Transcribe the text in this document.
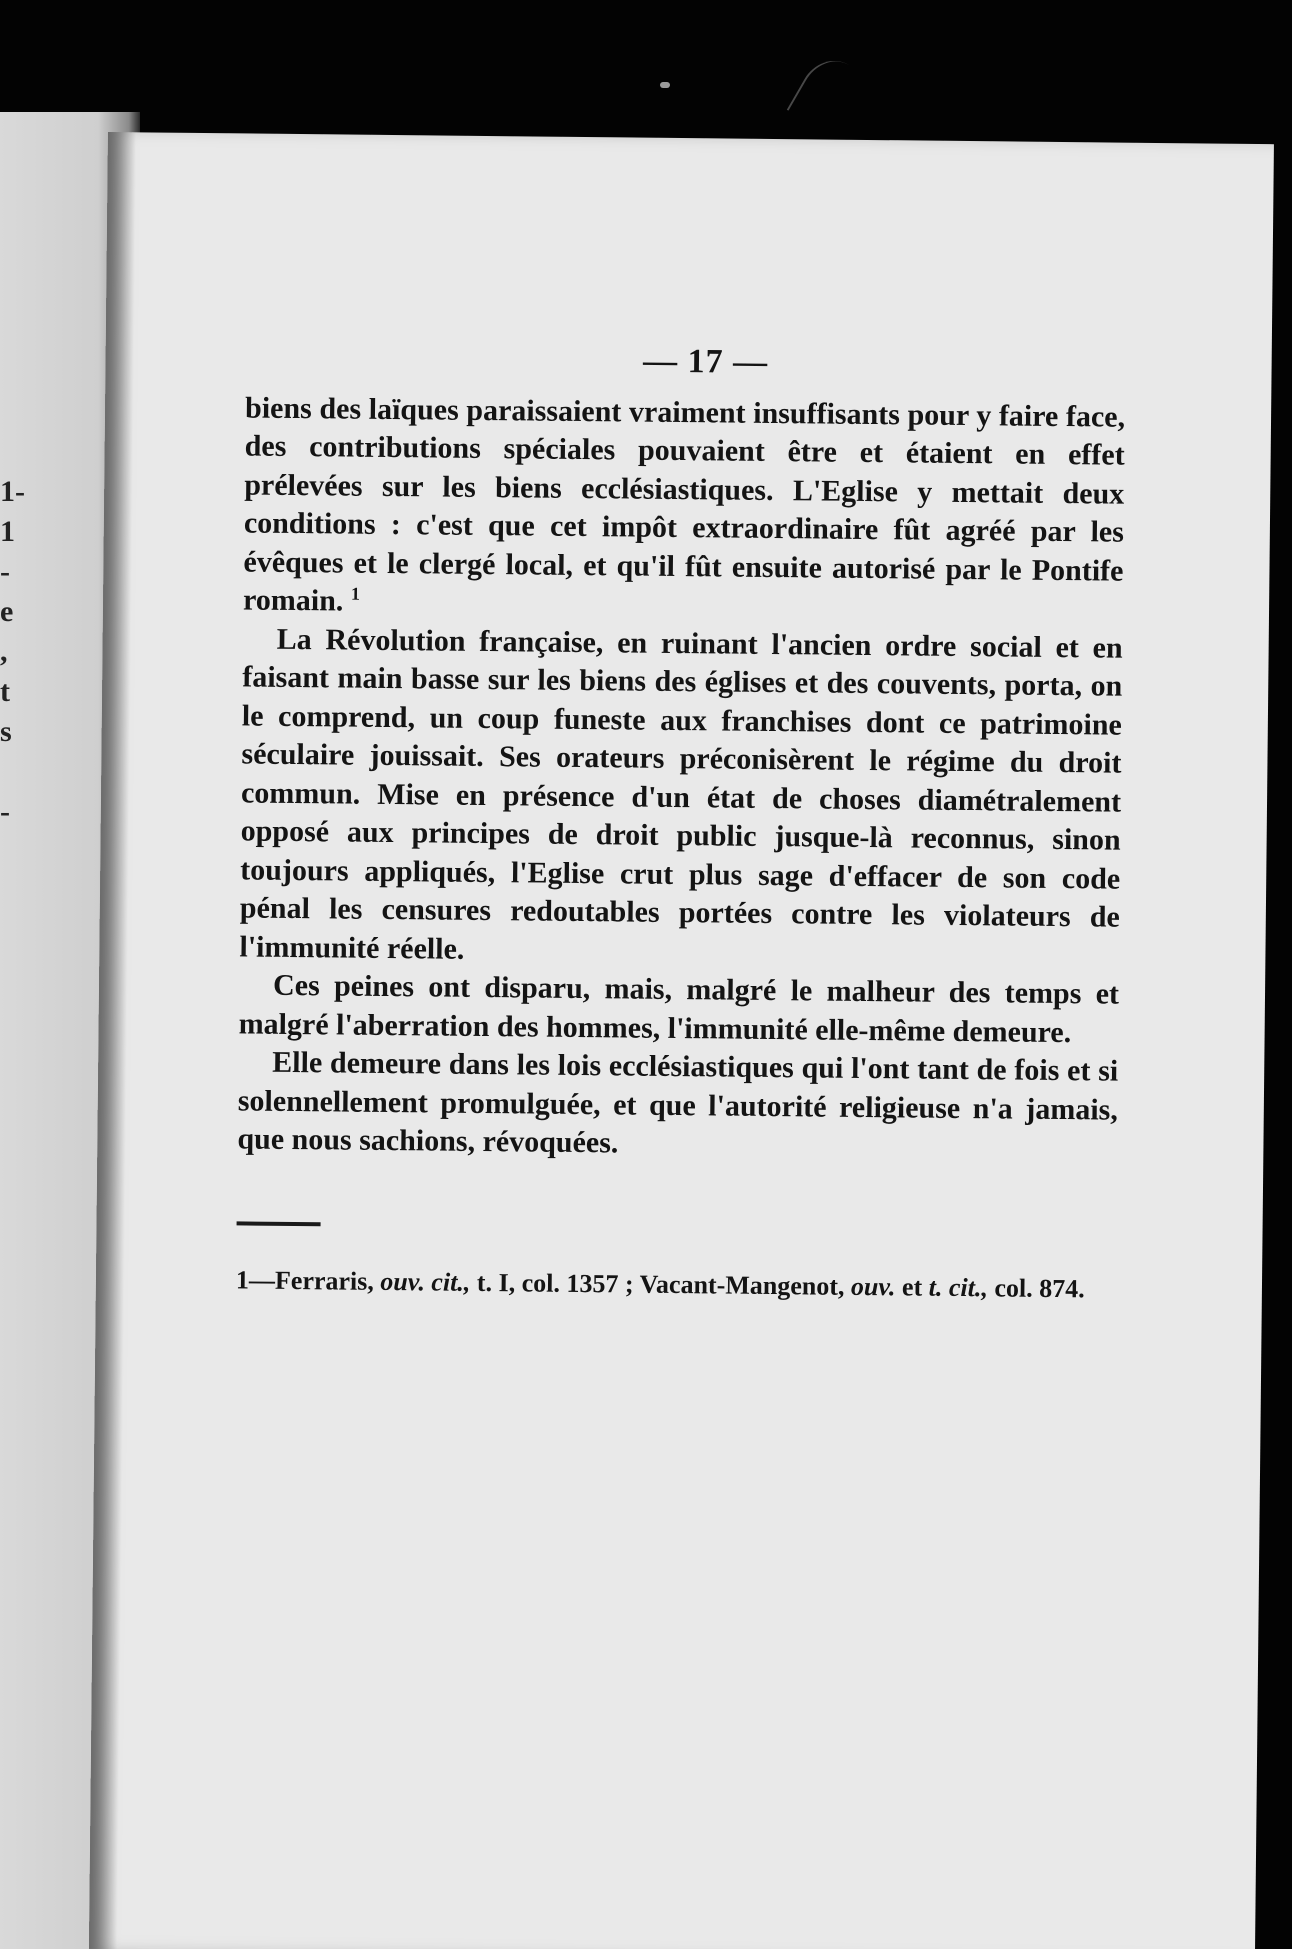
1-
1
-
e
,
t
s
-
— 17 —

biens des laïques paraissaient vraiment insuffisants pour y faire face, des contributions spéciales pouvaient être et étaient en effet prélevées sur les biens ecclésiastiques. L'Eglise y mettait deux conditions : c'est que cet impôt extraordinaire fût agréé par les évêques et le clergé local, et qu'il fût ensuite autorisé par le Pontife romain. $^1$

La Révolution française, en ruinant l'ancien ordre social et en faisant main basse sur les biens des églises et des couvents, porta, on le comprend, un coup funeste aux franchises dont ce patrimoine séculaire jouissait. Ses orateurs préconisèrent le régime du droit commun. Mise en présence d'un état de choses diamétralement opposé aux principes de droit public jusque-là reconnus, sinon toujours appliqués, l'Eglise crut plus sage d'effacer de son code pénal les censures redoutables portées contre les violateurs de l'immunité réelle.

Ces peines ont disparu, mais, malgré le malheur des temps et malgré l'aberration des hommes, l'immunité elle-même demeure.

Elle demeure dans les lois ecclésiastiques qui l'ont tant de fois et si solennellement promulguée, et que l'autorité religieuse n'a jamais, que nous sachions, révoquées.

1—Ferraris, ouv. cit., t. I, col. 1357 ; Vacant-Mangenot, ouv. et t. cit., col. 874.
